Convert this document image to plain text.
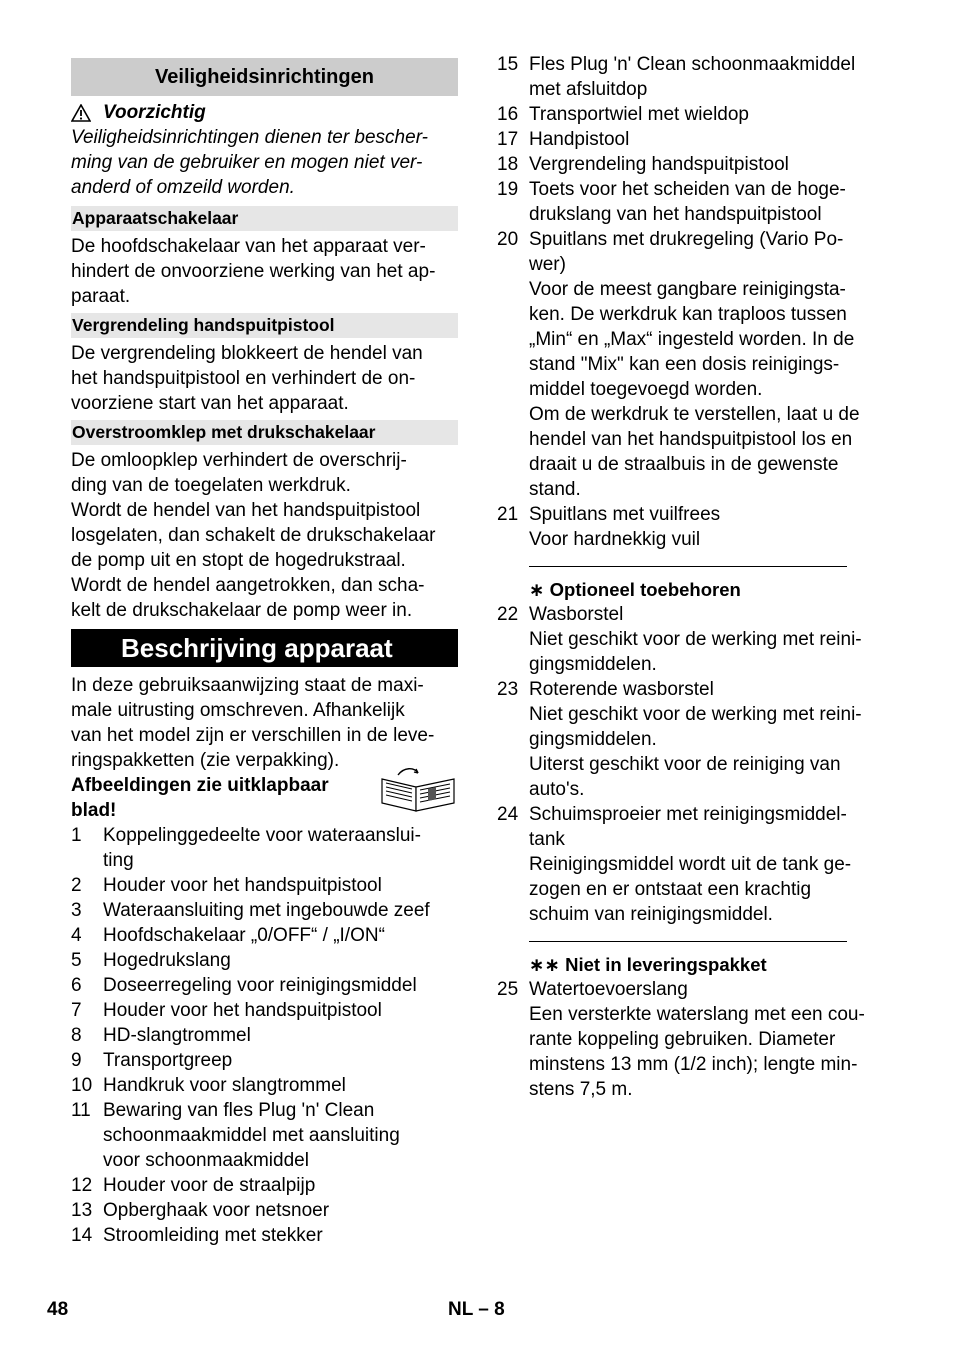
Veiligheidsinrichtingen
Voorzichtig

Veiligheidsinrichtingen dienen ter bescher-

ming van de gebruiker en mogen niet ver-

anderd of omzeild worden.

Apparaatschakelaar

De hoofdschakelaar van het apparaat ver-

hindert de onvoorziene werking van het ap-

paraat.

Vergrendeling handspuitpistool

De vergrendeling blokkeert de hendel van

het handspuitpistool en verhindert de on-

voorziene start van het apparaat.

Overstroomklep met drukschakelaar

De omloopklep verhindert de overschrij-

ding van de toegelaten werkdruk.

Wordt de hendel van het handspuitpistool

losgelaten, dan schakelt de drukschakelaar

de pomp uit en stopt de hogedrukstraal.

Wordt de hendel aangetrokken, dan scha-

kelt de drukschakelaar de pomp weer in.

Beschrijving apparaat

In deze gebruiksaanwijzing staat de maxi-

male uitrusting omschreven. Afhankelijk

van het model zijn er verschillen in de leve-

ringspakketten (zie verpakking).

Afbeeldingen zie uitklapbaar

blad!

1	Koppelinggedeelte voor wateraanslui-

ting

2	Houder voor het handspuitpistool

3	Wateraansluiting met ingebouwde zeef

4	Hoofdschakelaar „0/OFF“ / „I/ON“

5	Hogedrukslang

6	Doseerregeling voor reinigingsmiddel

7	Houder voor het handspuitpistool

8	HD-slangtrommel

9	Transportgreep

10 Handkruk voor slangtrommel

11 Bewaring van fles Plug 'n' Clean

schoonmaakmiddel met aansluiting

voor schoonmaakmiddel

12 Houder voor de straalpijp

13 Opberghaak voor netsnoer

14 Stroomleiding met stekker

15 Fles Plug 'n' Clean schoonmaakmiddel

met afsluitdop

16 Transportwiel met wieldop

17 Handpistool

18 Vergrendeling handspuitpistool

19 Toets voor het scheiden van de hoge-

drukslang van het handspuitpistool

20 Spuitlans met drukregeling (Vario Po-

wer)

Voor de meest gangbare reinigingsta-

ken. De werkdruk kan traploos tussen

„Min“ en „Max“ ingesteld worden. In de

stand "Mix" kan een dosis reinigings-

middel toegevoegd worden.

Om de werkdruk te verstellen, laat u de

hendel van het handspuitpistool los en

draait u de straalbuis in de gewenste

stand.

21 Spuitlans met vuilfrees

Voor hardnekkig vuil

∗ Optioneel toebehoren
22 Wasborstel

Niet geschikt voor de werking met reini-

gingsmiddelen.

23 Roterende wasborstel

Niet geschikt voor de werking met reini-

gingsmiddelen.

Uiterst geschikt voor de reiniging van

auto's.

24 Schuimsproeier met reinigingsmiddel-

tank

Reinigingsmiddel wordt uit de tank ge-

zogen en er ontstaat een krachtig

schuim van reinigingsmiddel.

∗∗ Niet in leveringspakket
25 Watertoevoerslang

Een versterkte waterslang met een cou-

rante koppeling gebruiken. Diameter

minstens 13 mm (1/2 inch); lengte min-

stens 7,5 m.

48	NL – 8
